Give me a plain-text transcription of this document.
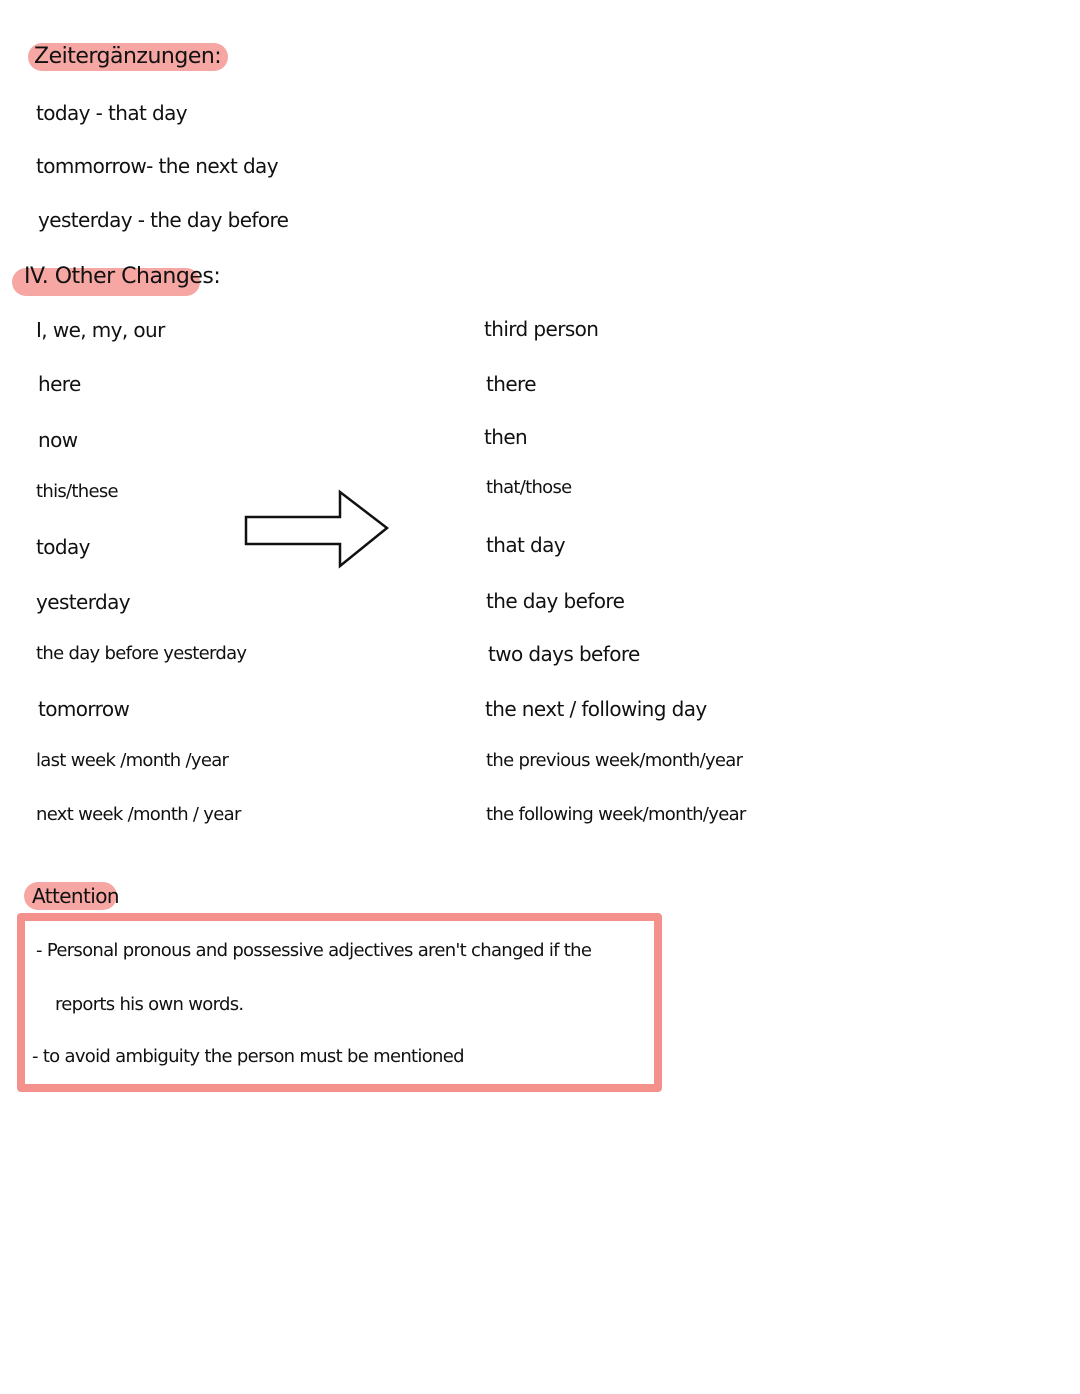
Zeitergänzungen:
today - that day
tommorrow- the next day
yesterday - the day before
IV. Other Changes:
I, we, my, our
here
now
this/these
today
yesterday
the day before yesterday
tomorrow
last week /month /year
next week /month / year
third person
there
then
that/those
that day
the day before
two days before
the next / following day
the previous week/month/year
the following week/month/year
Attention
- Personal pronous and possessive adjectives aren't changed if the
reports his own words.
- to avoid ambiguity the person must be mentioned
